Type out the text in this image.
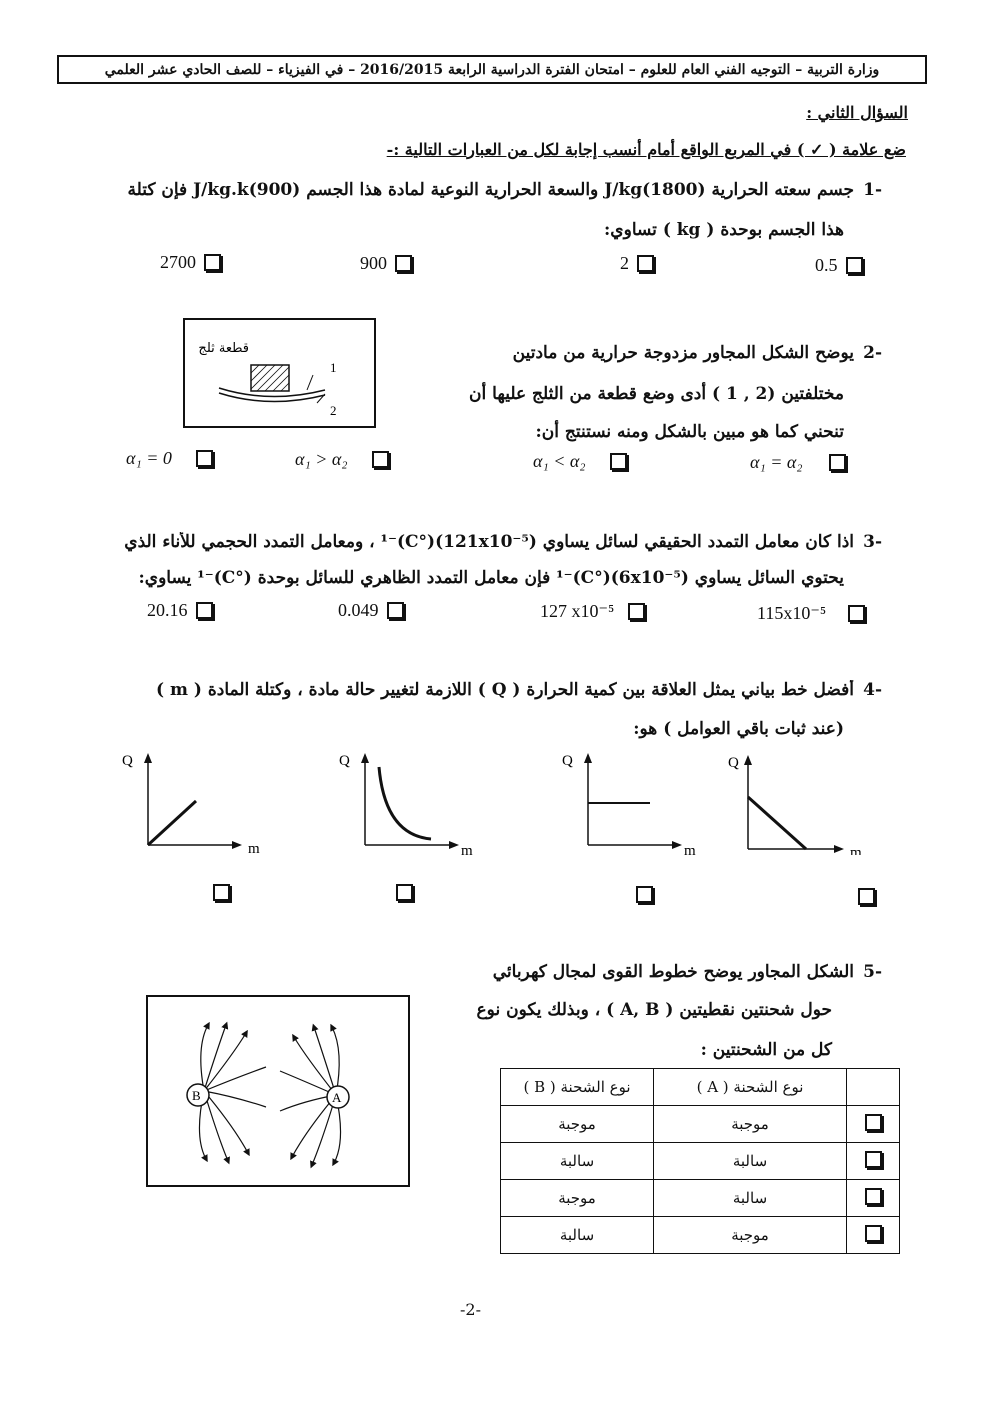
وزارة التربية – التوجيه الفني العام للعلوم – امتحان الفترة الدراسية الرابعة 2016/2015 – في الفيزياء – للصف الحادي عشر العلمي
السؤال الثاني :
ضع علامة ( ✓ ) في المربع الواقع أمام أنسب إجابة لكل من العبارات التالية :-
1-
جسم سعته الحرارية (1800)J/kg والسعة الحرارية النوعية لمادة هذا الجسم (900)J/kg.k فإن كتلة
هذا الجسم بوحدة ( kg ) تساوي:
0.5
2
900
2700
قطعة ثلج
1
2
2-
يوضح الشكل المجاور مزدوجة حرارية من مادتين
مختلفتين (2 , 1 ) أدى وضع قطعة من الثلج عليها أن
تنحني كما هو مبين بالشكل ومنه نستنتج أن:
α₁ = α₂
α₁ < α₂
α₁ > α₂
α₁ = 0
3-
اذا كان معامل التمدد الحقيقي لسائل يساوي (121x10⁻⁵)(°C)⁻¹ ، ومعامل التمدد الحجمي للأناء الذي
يحتوي السائل يساوي (6x10⁻⁵)(°C)⁻¹ فإن معامل التمدد الظاهري للسائل بوحدة (°C)⁻¹ يساوي:
115x10⁻⁵
127 x10⁻⁵
0.049
20.16
4-
أفضل خط بياني يمثل العلاقة بين كمية الحرارة ( Q ) اللازمة لتغيير حالة مادة ، وكتلة المادة ( m )
(عند ثبات باقي العوامل ) هو:
Q
m
Q
m
Q
m
Q
m
5-
الشكل المجاور يوضح خطوط القوى لمجال كهربائي
حول شحنتين نقطيتين ( A, B ) ، وبذلك يكون نوع
كل من الشحنتين :
B	A
	نوع الشحنة ( A )	نوع الشحنة ( B )
	موجبة	موجبة
	سالبة	سالبة
	سالبة	موجبة
	موجبة	سالبة
-2-
